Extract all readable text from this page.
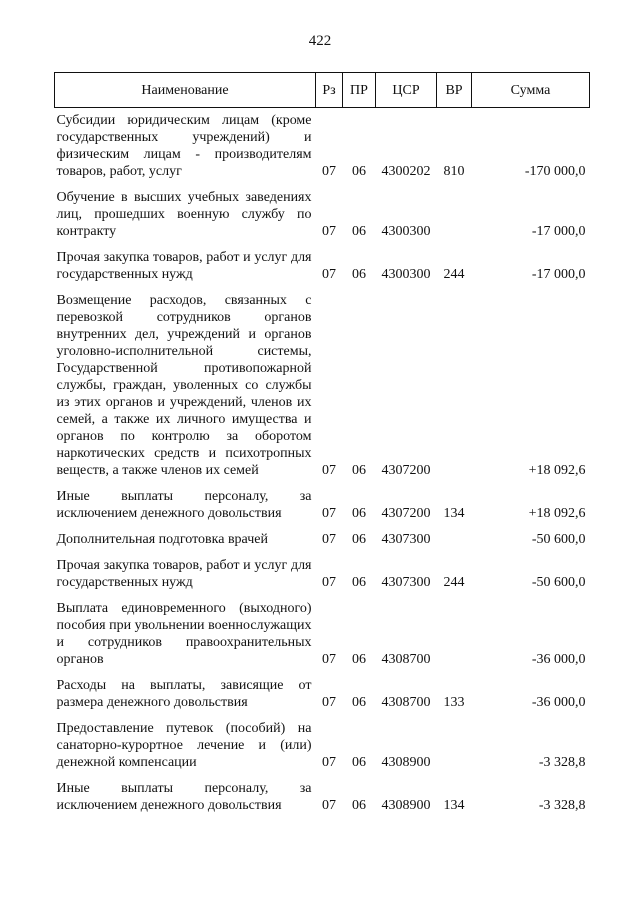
422
Наименование	Рз	ПР	ЦСР	ВР	Сумма
Субсидии юридическим лицам (кроме государственных учреждений) и физическим лицам - производителям товаров, работ, услуг	07	06	4300202	810	-170 000,0
Обучение в высших учебных заведениях лиц, прошедших военную службу по контракту	07	06	4300300		-17 000,0
Прочая закупка товаров, работ и услуг для государственных нужд	07	06	4300300	244	-17 000,0
Возмещение расходов, связанных с перевозкой сотрудников органов внутренних дел, учреждений и органов уголовно-исполнительной системы, Государственной противопожарной службы, граждан, уволенных со службы из этих органов и учреждений, членов их семей, а также их личного имущества и органов по контролю за оборотом наркотических средств и психотропных веществ, а также членов их семей	07	06	4307200		+18 092,6
Иные выплаты персоналу, за исключением денежного довольствия	07	06	4307200	134	+18 092,6
Дополнительная подготовка врачей	07	06	4307300		-50 600,0
Прочая закупка товаров, работ и услуг для государственных нужд	07	06	4307300	244	-50 600,0
Выплата единовременного (выходного) пособия при увольнении военнослужащих и сотрудников правоохранительных органов	07	06	4308700		-36 000,0
Расходы на выплаты, зависящие от размера денежного довольствия	07	06	4308700	133	-36 000,0
Предоставление путевок (пособий) на санаторно-курортное лечение и (или) денежной компенсации	07	06	4308900		-3 328,8
Иные выплаты персоналу, за исключением денежного довольствия	07	06	4308900	134	-3 328,8
